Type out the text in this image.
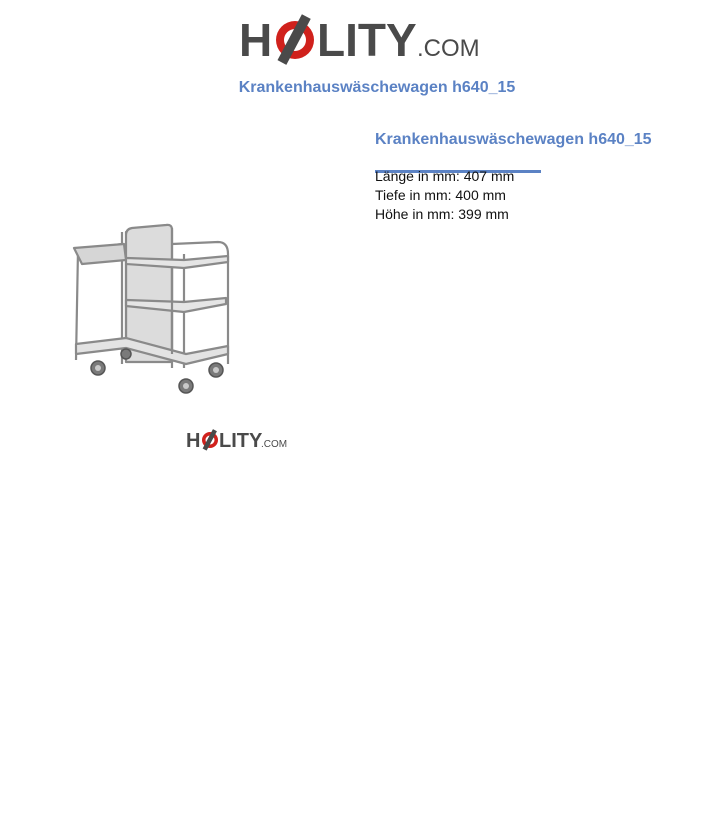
H LITY .COM
Krankenhauswäschewagen h640_15
H LITY
.COM
Krankenhauswäschewagen h640_15
Länge in mm: 407 mm
Tiefe in mm: 400 mm
Höhe in mm: 399 mm
